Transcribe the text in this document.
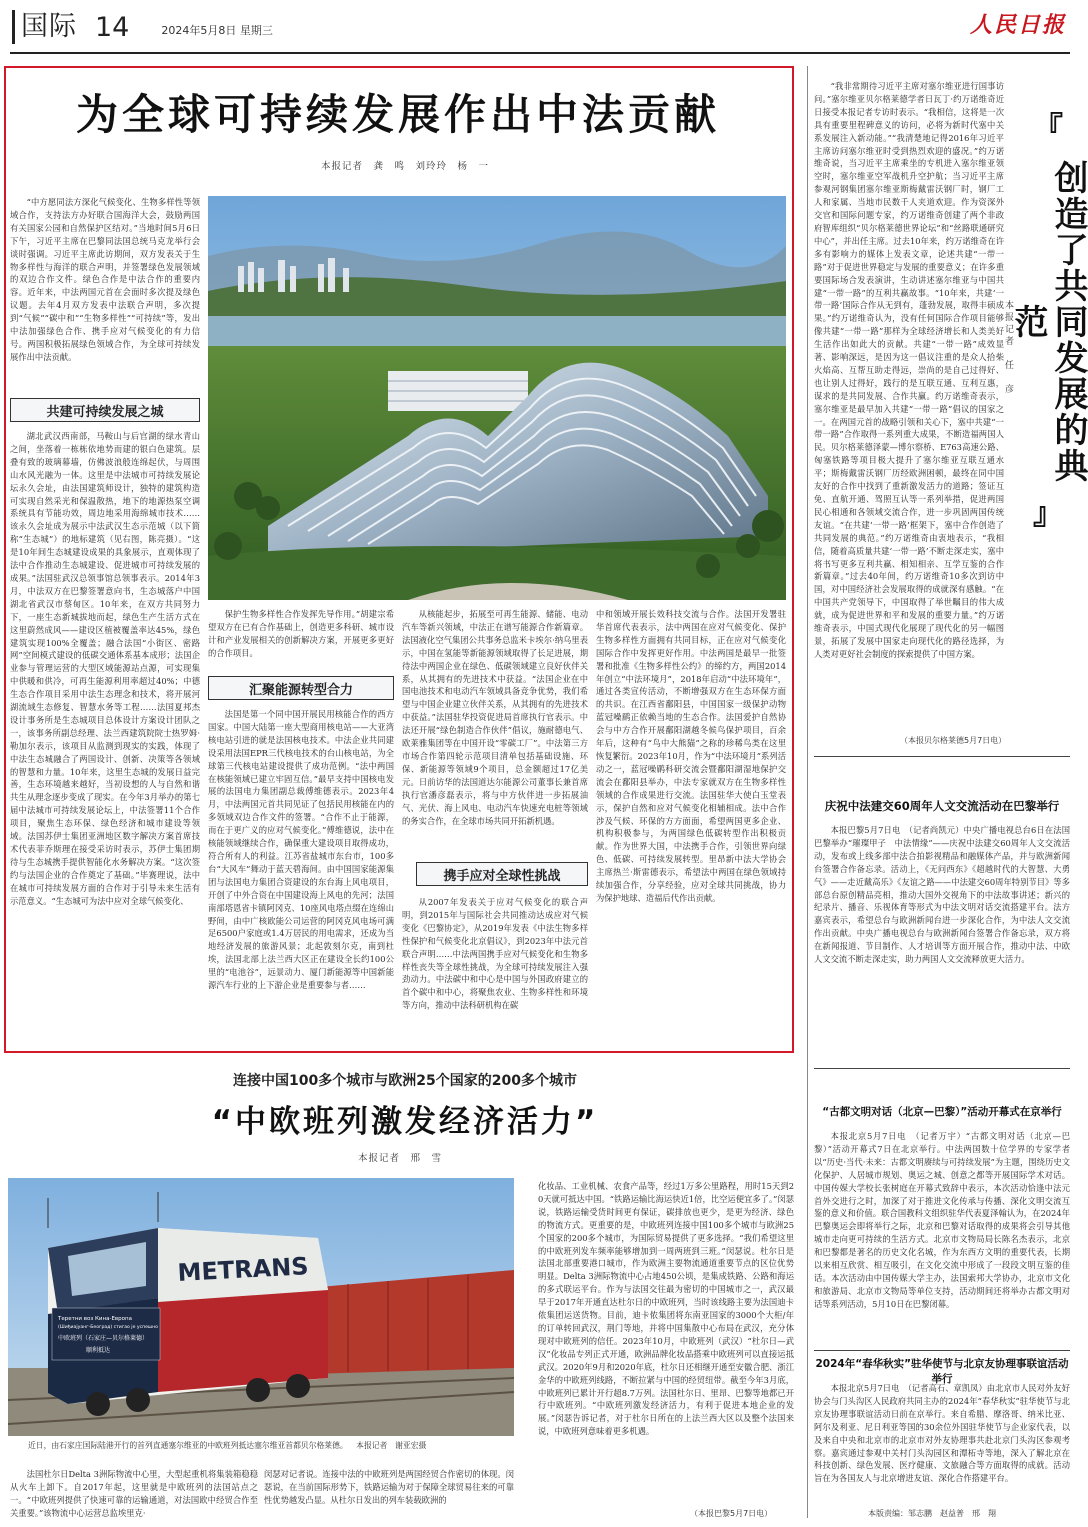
国际 14	2024年5月8日 星期三	人民日报
为全球可持续发展作出中法贡献
本报记者　龚　鸣　刘玲玲　杨　一
“中方愿同法方深化气候变化、生物多样性等领域合作，支持法方办好联合国海洋大会，鼓励两国有关国家公园和自然保护区结对。”当地时间5月6日下午，习近平主席在巴黎同法国总统马克龙举行会谈时强调。习近平主席此访期间，双方发表关于生物多样性与海洋的联合声明，并签署绿色发展领域的双边合作文件。绿色合作是中法合作的重要内容。近年来，中法两国元首在会面时多次提及绿色议题。去年4月双方发表中法联合声明，多次提到“气候”“碳中和”“生物多样性”“可持续”等，发出中法加强绿色合作、携手应对气候变化的有力信号。两国积极拓展绿色领域合作，为全球可持续发展作出中法贡献。
共建可持续发展之城
湖北武汉西南部，马鞍山与后官湖的绿水青山之间，坐落着一栋栋依地势而建的银白色建筑。层叠有致的玻璃幕墙，仿佛波浪般连绵起伏，与周围山水风光融为一体。这里是中法城市可持续发展论坛永久会址，由法国建筑师设计，独特的建筑构造可实现自然采光和保温散热，地下的地源热泵空调系统具有节能功效，周边地采用海绵城市技术……该永久会址成为展示中法武汉生态示范城（以下简称“生态城”）的地标建筑（见右图，陈亮摄）。“这是10年间生态城建设成果的具象展示，直观体现了法中合作推动生态城建设、促进城市可持续发展的成果。”法国驻武汉总领事馆总领事表示。2014年3月，中法双方在巴黎签署意向书，生态城落户中国湖北省武汉市蔡甸区。10年来，在双方共同努力下，一座生态新城拔地而起，绿色生产生活方式在这里蔚然成风——建设区植被覆盖率达45%，绿色建筑实现100%全覆盖；融合法国“小街区、密路网”空间模式建设的低碳交通体系基本成形；法国企业参与管理运营的大型区域能源站点源，可实现集中供暖和供冷，可再生能源利用率超过40%；中德生态合作项目采用中法生态理念和技术，将开展河湖流域生态修复、智慧水务等工程……法国夏邦杰设计事务所是生态城项目总体设计方案设计团队之一，该事务所副总经理、法兰西建筑院院士热罗姆·勒加尔表示，该项目从监测到现实的实践，体现了中法生态城融合了两国设计、创新、决策等各领域的智慧和力量。10年来，这里生态城的发展日益完善，生态环境越来越好，当初设想的人与自然和谐共生从理念逐步变成了现实。在今年3月举办的第七届中法城市可持续发展论坛上，中法签署11个合作项目，聚焦生态环保、绿色经济和城市建设等领域。法国苏伊士集团亚洲地区数字解决方案首席技术代表菲乔斯理在接受采访时表示，苏伊士集团期待与生态城携手提供智能化水务解决方案。“这次签约与法国企业的合作奠定了基础。”毕赛理说，法中在城市可持续发展方面的合作对于引导未来生活有示范意义。“生态城可为法中应对全球气候变化、
保护生物多样性合作发挥先导作用。”胡建宗希望双方在已有合作基础上，创造更多科研、城市设计和产业发展相关的创新解决方案，开展更多更好的合作项目。
汇聚能源转型合力
法国是第一个同中国开展民用核能合作的西方国家。中国大陆第一座大型商用核电站——大亚湾核电站引进的就是法国核电技术。中法企业共同建设采用法国EPR三代核电技术的台山核电站，为全球第三代核电站建设提供了成功范例。“法中两国在核能领域已建立牢固互信。”最早支持中国核电发展的法国电力集团副总裁傅维德表示。2023年4月，中法两国元首共同见证了包括民用核能在内的多领域双边合作文件的签署。“合作不止于能源，而在于更广义的应对气候变化。”傅维德说，法中在核能领域继续合作，确保重大建设项目取得成功，符合所有人的利益。江苏省盐城市东台市，100多台“大风车”舞动于蓝天碧海间。由中国国家能源集团与法国电力集团合资建设的东台海上风电项目，开创了中外合资在中国建设海上风电的先河；法国南部塔恩省卡镇阿冈克、10座风电塔点缀在连绵山野间，由中广核欧能公司运营的阿冈克风电场可满足6500户家庭或1.4万居民的用电需求，还成为当地经济发展的旅游风景；北起敦刻尔克，南到杜埃，法国北部上法兰西大区正在建设全长约100公里的“电池谷”，远景动力、厦门新能源等中国新能源汽车行业的上下游企业是重要参与者……
从核能起步，拓展至可再生能源、储能、电动汽车等新兴领域，中法正在谱写能源合作新篇章。法国液化空气集团公共事务总监米卡埃尔·纳乌里表示，中国在氢能等新能源领域取得了长足进展，期待法中两国企业在绿色、低碳领域建立良好伙伴关系，从其拥有的先进技术中获益。“法国企业在中国电池技术和电动汽车领域具备竞争优势，我们希望与中国企业建立伙伴关系，从其拥有的先进技术中获益。”法国驻华投资促进局首席执行官表示。中法还开展“绿色制造合作伙伴”倡议，施耐德电气、欧莱雅集团等在中国开设“零碳工厂”。中法第三方市场合作第四轮示范项目清单包括基础设施、环保、新能源等领域9个项目，总金额超过17亿美元。日前访华的法国道达尔能源公司董事长兼首席执行官潘彦磊表示，将与中方伙伴进一步拓展油气、光伏、海上风电、电动汽车快速充电桩等领域的务实合作，在全球市场共同开拓新机遇。
携手应对全球性挑战
从2007年发表关于应对气候变化的联合声明，到2015年与国际社会共同推动达成应对气候变化《巴黎协定》，从2019年发表《中法生物多样性保护和气候变化北京倡议》，到2023年中法元首联合声明……中法两国携手应对气候变化和生物多样性丧失等全球性挑战，为全球可持续发展注入强劲动力。中法碳中和中心是中国与外国政府建立的首个碳中和中心，将聚焦农业、生物多样性和环境等方向，推动中法科研机构在碳
中和领域开展长效科技交流与合作。法国开发署驻华首席代表表示，法中两国在应对气候变化、保护生物多样性方面拥有共同目标，正在应对气候变化国际合作中发挥更好作用。中法两国是最早一批签署和批准《生物多样性公约》的缔约方，两国2014年创立“中法环境月”，2018年启动“中法环境年”，通过各类宣传活动，不断增强双方在生态环保方面的共识。在江西省鄱阳县，中国国家一级保护动物蓝冠噪鹛正依赖当地的生态合作。法国爱护自然协会与中方合作开展鄱阳湖越冬候鸟保护项目，百余年后，这种有“鸟中大熊猫”之称的珍稀鸟类在这里恢复繁衍。2023年10月，作为“中法环境月”系列活动之一，蓝冠噪鹛科研交流会暨鄱阳湖湿地保护交流会在鄱阳县举办，中法专家就双方在生物多样性领域的合作成果进行交流。法国驻华大使白玉堂表示，保护自然和应对气候变化相辅相成。法中合作涉及气候、环保的方方面面，希望两国更多企业、机构积极参与，为两国绿色低碳转型作出积极贡献。作为世界大国，中法携手合作，引领世界向绿色、低碳、可持续发展转型。里昂新中法大学协会主席热兰·斯雷德表示，希望法中两国在绿色领域持续加强合作，分享经验，应对全球共同挑战，协力为保护地球、造福后代作出贡献。
“我非常期待习近平主席对塞尔维亚进行国事访问。”塞尔维亚贝尔格莱德学者日瓦丁·约万诺维奇近日接受本报记者专访时表示。“我相信，这将是一次具有重要里程碑意义的访问，必将为新时代塞中关系发展注入新动能。”“我清楚地记得2016年习近平主席访问塞尔维亚时受到热烈欢迎的盛况。”约万诺维奇说，当习近平主席乘坐的专机进入塞尔维亚领空时，塞尔维亚空军战机升空护航；当习近平主席参观河钢集团塞尔维亚斯梅戴雷沃钢厂时，钢厂工人和家属、当地市民数千人夹道欢迎。作为资深外交官和国际问题专家，约万诺维奇创建了两个非政府智库组织“贝尔格莱德世界论坛”和“丝路联通研究中心”，并出任主席。过去10年来，约万诺维奇在许多有影响力的媒体上发表文章，论述共建“一带一路”对于促进世界稳定与发展的重要意义；在许多重要国际场合发表演讲，生动讲述塞尔维亚与中国共建“一带一路”的互利共赢故事。“10年来，共建‘一带一路’国际合作从无到有，蓬勃发展，取得丰硕成果。”约万诺维奇认为，没有任何国际合作项目能够像共建“一带一路”那样为全球经济增长和人类美好生活作出如此大的贡献。共建“一带一路”成效显著、影响深远，是因为这一倡议注重的是众人拾柴火焰高、互帮互助走得远，崇尚的是自己过得好、也让别人过得好，践行的是互联互通、互利互惠，谋求的是共同发展、合作共赢。约万诺维奇表示，塞尔维亚是最早加入共建“一带一路”倡议的国家之一。在两国元首的战略引领和关心下，塞中共建“一带一路”合作取得一系列重大成果，不断造福两国人民。贝尔格莱德泽蒙—博尔察桥、E763高速公路、匈塞铁路等项目极大提升了塞尔维亚互联互通水平；斯梅戴雷沃钢厂历经欧洲困顿，最终在同中国友好的合作中找到了重新激发活力的道路；签证互免、直航开通、驾照互认等一系列举措，促进两国民心相通和各领域交流合作，进一步巩固两国传统友谊。“在共建‘一带一路’框架下，塞中合作创造了共同发展的典范。”约万诺维奇由衷地表示，“我相信，随着高质量共建‘一带一路’不断走深走实，塞中将书写更多互利共赢、相知相亲、互学互鉴的合作新篇章。”过去40年间，约万诺维奇10多次到访中国，对中国经济社会发展取得的成就深有感触。“在中国共产党领导下，中国取得了举世瞩目的伟大成就，成为促进世界和平和发展的重要力量。”约万诺维奇表示，中国式现代化展现了现代化的另一幅图景，拓展了发展中国家走向现代化的路径选择，为人类对更好社会制度的探索提供了中国方案。
『
创造了共同发展的典范
』
本报记者　任　彦
（本报贝尔格莱德5月7日电）
庆祝中法建交60周年人文交流活动在巴黎举行
本报巴黎5月7日电　（记者尚凯元）中央广播电视总台6日在法国巴黎举办“璀璨甲子　中法情缘”——庆祝中法建交60周年人文交流活动，发布或上线多部中法合拍影视精品和融媒体产品，并与欧洲新闻台签署合作备忘录。活动上，《无问西东》《超越时代的大智慧、大勇气》——走近戴高乐》《友谊之路——中法建交60周年特别节目》等多部总台原创精品亮相，推动大国外交视角下的中法故事讲述；新兴的纪录片、播音、乐视体育等形式为中法文明对话交流搭建平台。法方嘉宾表示，希望总台与欧洲新闻台进一步深化合作，为中法人文交流作出贡献。中央广播电视总台与欧洲新闻台签署合作备忘录，双方将在新闻报道、节目制作、人才培训等方面开展合作，推动中法、中欧人文交流不断走深走实，助力两国人文交流释放更大活力。
“古都文明对话（北京—巴黎）”活动开幕式在京举行
本报北京5月7日电　（记者万宇）“古都文明对话（北京—巴黎）”活动开幕式7日在北京举行。中法两国数十位学界的专家学者以“历史·当代·未来：古都文明赓续与可持续发展”为主题，围绕历史文化保护、人居城市规划、奥运之城、创意之都等开展国际学术对话。中国传媒大学校长张树庭在开幕式致辞中表示，本次活动恰逢中法元首外交进行之时，加深了对于推进文化传承与传播、深化文明交流互鉴的意义和价值。联合国教科文组织驻华代表夏泽翰认为，在2024年巴黎奥运会即将举行之际，北京和巴黎对话取得的成果将会引导其他城市走向更可持续的生活方式。北京市文物局局长陈名杰表示，北京和巴黎都是著名的历史文化名城，作为东西方文明的重要代表，长期以来相互欣赏、相互吸引，在文化交流中形成了一段段文明互鉴的佳话。本次活动由中国传媒大学主办，法国索邦大学协办，北京市文化和旅游局、北京市文物局等单位支持，活动期间还将举办古都文明对话等系列活动，5月10日在巴黎闭幕。
2024年“春华秋实”驻华使节与北京友协理事联谊活动举行
本报北京5月7日电　（记者高石、章凯凤）由北京市人民对外友好协会与门头沟区人民政府共同主办的2024年“春华秋实”驻华使节与北京友协理事联谊活动日前在京举行。来自希腊、摩洛哥、纳米比亚、阿尔及利亚、尼日利亚等国的30余位外国驻华使节与企业家代表，以及来自中央和北京市的北京市对外友协理事共赴北京门头沟区参观考察。嘉宾通过参观中关村门头沟园区和潭柘寺等地，深入了解北京在科技创新、绿色发展、医疗健康、文旅融合等方面取得的成就。活动旨在为各国友人与北京增进友谊、深化合作搭建平台。
本版责编：邹志鹏　赵益普　邢　翔
连接中国100多个城市与欧洲25个国家的200多个城市
“中欧班列激发经济活力”
本报记者　邢　雪
METRANS
Терeтни воз Кина-Европа
(Шиђиајуанг-Београд) стигао је успешно
中欧班列（石家庄—贝尔格莱德）
顺利抵达
近日，由石家庄国际陆港开行的首列直通塞尔维亚的中欧班列抵达塞尔维亚首都贝尔格莱德。 本报记者　谢亚宏摄
法国杜尔日Delta 3洲际物流中心里，大型起重机将集装箱稳稳从火车上卸下。自2017年起，这里就是中欧班列的法国站点之一。“中欧班列提供了快速可靠的运输通道，对法国欧中经贸合作至关重要。”该物流中心运营总监埃里克·
闵瑟对记者说。连接中法的中欧班列是两国经贸合作密切的体现。闵瑟说，在当前国际形势下，铁路运输为对于保障全球贸易往来的可靠性优势越发凸显。从杜尔日发出的列车装载欧洲的
化妆品、工业机械、农食产品等，经过1万多公里路程，用时15天到20天就可抵达中国。“铁路运输比海运快近1倍，比空运便宜多了。”闵瑟说，铁路运输受货时间更有保证，碳排放也更少，是更为经济、绿色的物流方式。更重要的是，中欧班列连接中国100多个城市与欧洲25个国家的200多个城市，为国际贸易提供了更多选择。“我们希望这里的中欧班列发车频率能够增加到一周两班到三班。”闵瑟说。杜尔日是法国北部重要港口城市，作为欧洲主要物流通道重要节点的区位优势明显。Delta 3洲际物流中心占地450公顷，是集成铁路、公路和海运的多式联运平台。作为与法国交往最为密切的中国城市之一，武汉最早于2017年开通直达杜尔日的中欧班列，当时该线路主要为法国迪卡侬集团运送货物。目前，迪卡侬集团将东南亚国家的3000个大柜/年的订单转回武汉，荆门等地，并将中国集散中心布局在武汉，充分体现对中欧班列的信任。2023年10月，中欧班列（武汉）“杜尔日—武汉”化妆品专列正式开通，欧洲品牌化妆品搭乘中欧班列可以直接运抵武汉。2020年9月和2020年底，杜尔日还相继开通至安徽合肥、浙江金华的中欧班列线路，不断拉紧与中国的经贸纽带。截至今年3月底，中欧班列已累计开行超8.7万列。法国杜尔日、里昂、巴黎等地都已开行中欧班列。“中欧班列激发经济活力，有利于促进本地企业的发展。”闵瑟告诉记者，对于杜尔日所在的上法兰西大区以及整个法国来说，中欧班列意味着更多机遇。
（本报巴黎5月7日电）
